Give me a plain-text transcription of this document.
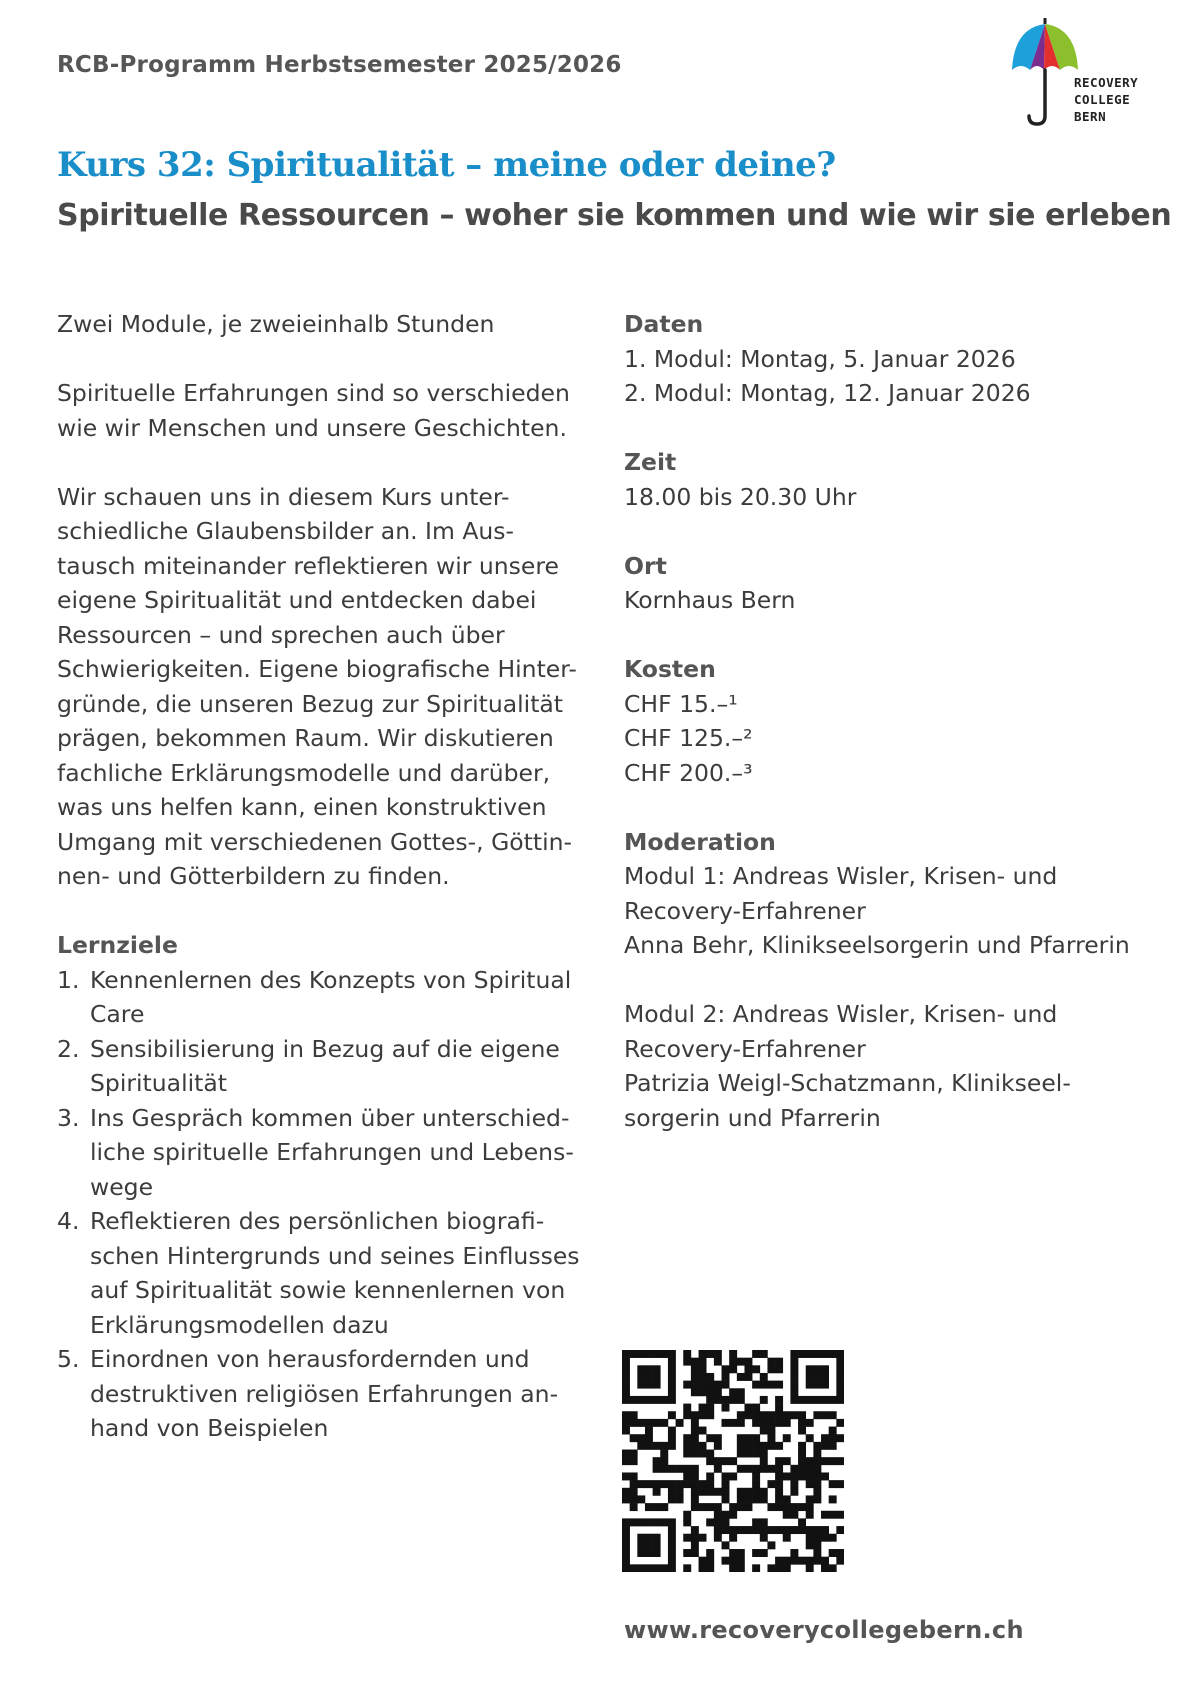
RCB-Programm Herbstsemester 2025/2026
RECOVERY
COLLEGE
BERN
Kurs 32: Spiritualität – meine oder deine?
Spirituelle Ressourcen – woher sie kommen und wie wir sie erleben

Zwei Module, je zweieinhalb Stunden

Spirituelle Erfahrungen sind so verschieden
wie wir Menschen und unsere Geschichten.

Wir schauen uns in diesem Kurs unter-
schiedliche Glaubensbilder an. Im Aus-
tausch miteinander reflektieren wir unsere
eigene Spiritualität und entdecken dabei
Ressourcen – und sprechen auch über
Schwierigkeiten. Eigene biografische Hinter-
gründe, die unseren Bezug zur Spiritualität
prägen, bekommen Raum. Wir diskutieren
fachliche Erklärungsmodelle und darüber,
was uns helfen kann, einen konstruktiven
Umgang mit verschiedenen Gottes-, Göttin-
nen- und Götterbildern zu finden.

Lernziele
1. Kennenlernen des Konzepts von Spiritual
Care
2. Sensibilisierung in Bezug auf die eigene
Spiritualität
3. Ins Gespräch kommen über unterschied-
liche spirituelle Erfahrungen und Lebens-
wege
4. Reflektieren des persönlichen biografi-
schen Hintergrunds und seines Einflusses
auf Spiritualität sowie kennenlernen von
Erklärungsmodellen dazu
5. Einordnen von herausfordernden und
destruktiven religiösen Erfahrungen an-
hand von Beispielen
Daten

1. Modul: Montag, 5. Januar 2026
2. Modul: Montag, 12. Januar 2026

Zeit

18.00 bis 20.30 Uhr

Ort

Kornhaus Bern

Kosten

CHF 15.–¹
CHF 125.–²
CHF 200.–³

Moderation

Modul 1: Andreas Wisler, Krisen- und
Recovery-Erfahrener
Anna Behr, Klinikseelsorgerin und Pfarrerin

Modul 2: Andreas Wisler, Krisen- und
Recovery-Erfahrener
Patrizia Weigl-Schatzmann, Klinikseel-
sorgerin und Pfarrerin

www.recoverycollegebern.ch
